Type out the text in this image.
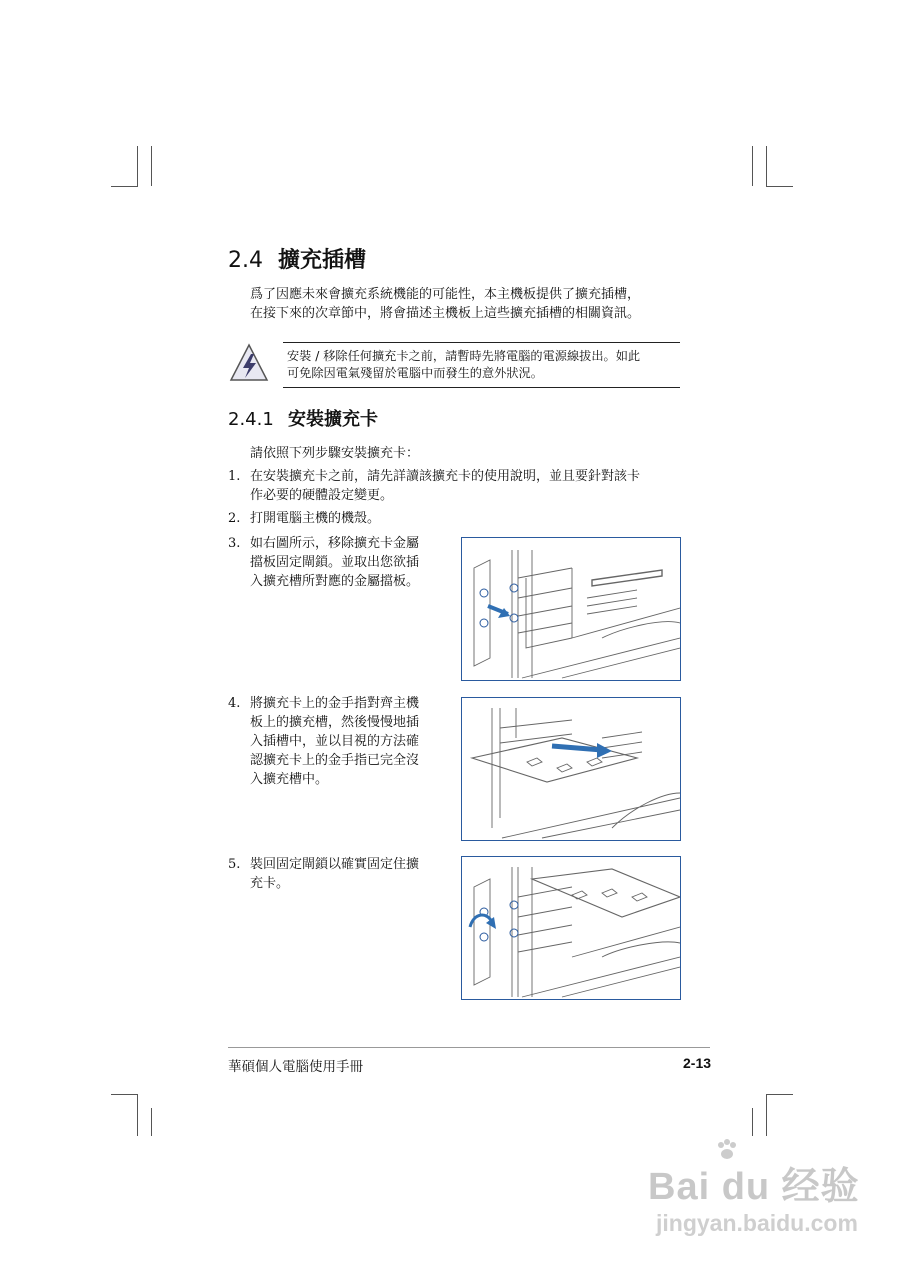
2.4 擴充插槽
爲了因應未來會擴充系統機能的可能性，本主機板提供了擴充插槽，
在接下來的次章節中，將會描述主機板上這些擴充插槽的相關資訊。
安裝 / 移除任何擴充卡之前，請暫時先將電腦的電源線拔出。如此
可免除因電氣殘留於電腦中而發生的意外狀況。
2.4.1 安裝擴充卡
請依照下列步驟安裝擴充卡：
1. 在安裝擴充卡之前，請先詳讀該擴充卡的使用說明，並且要針對該卡
作必要的硬體設定變更。
2. 打開電腦主機的機殼。
3. 如右圖所示，移除擴充卡金屬
擋板固定閘鎖。並取出您欲插
入擴充槽所對應的金屬擋板。
4. 將擴充卡上的金手指對齊主機
板上的擴充槽，然後慢慢地插
入插槽中，並以目視的方法確
認擴充卡上的金手指已完全沒
入擴充槽中。
5. 裝回固定閘鎖以確實固定住擴
充卡。
華碩個人電腦使用手冊	2-13
Bai du 经验
jingyan.baidu.com
